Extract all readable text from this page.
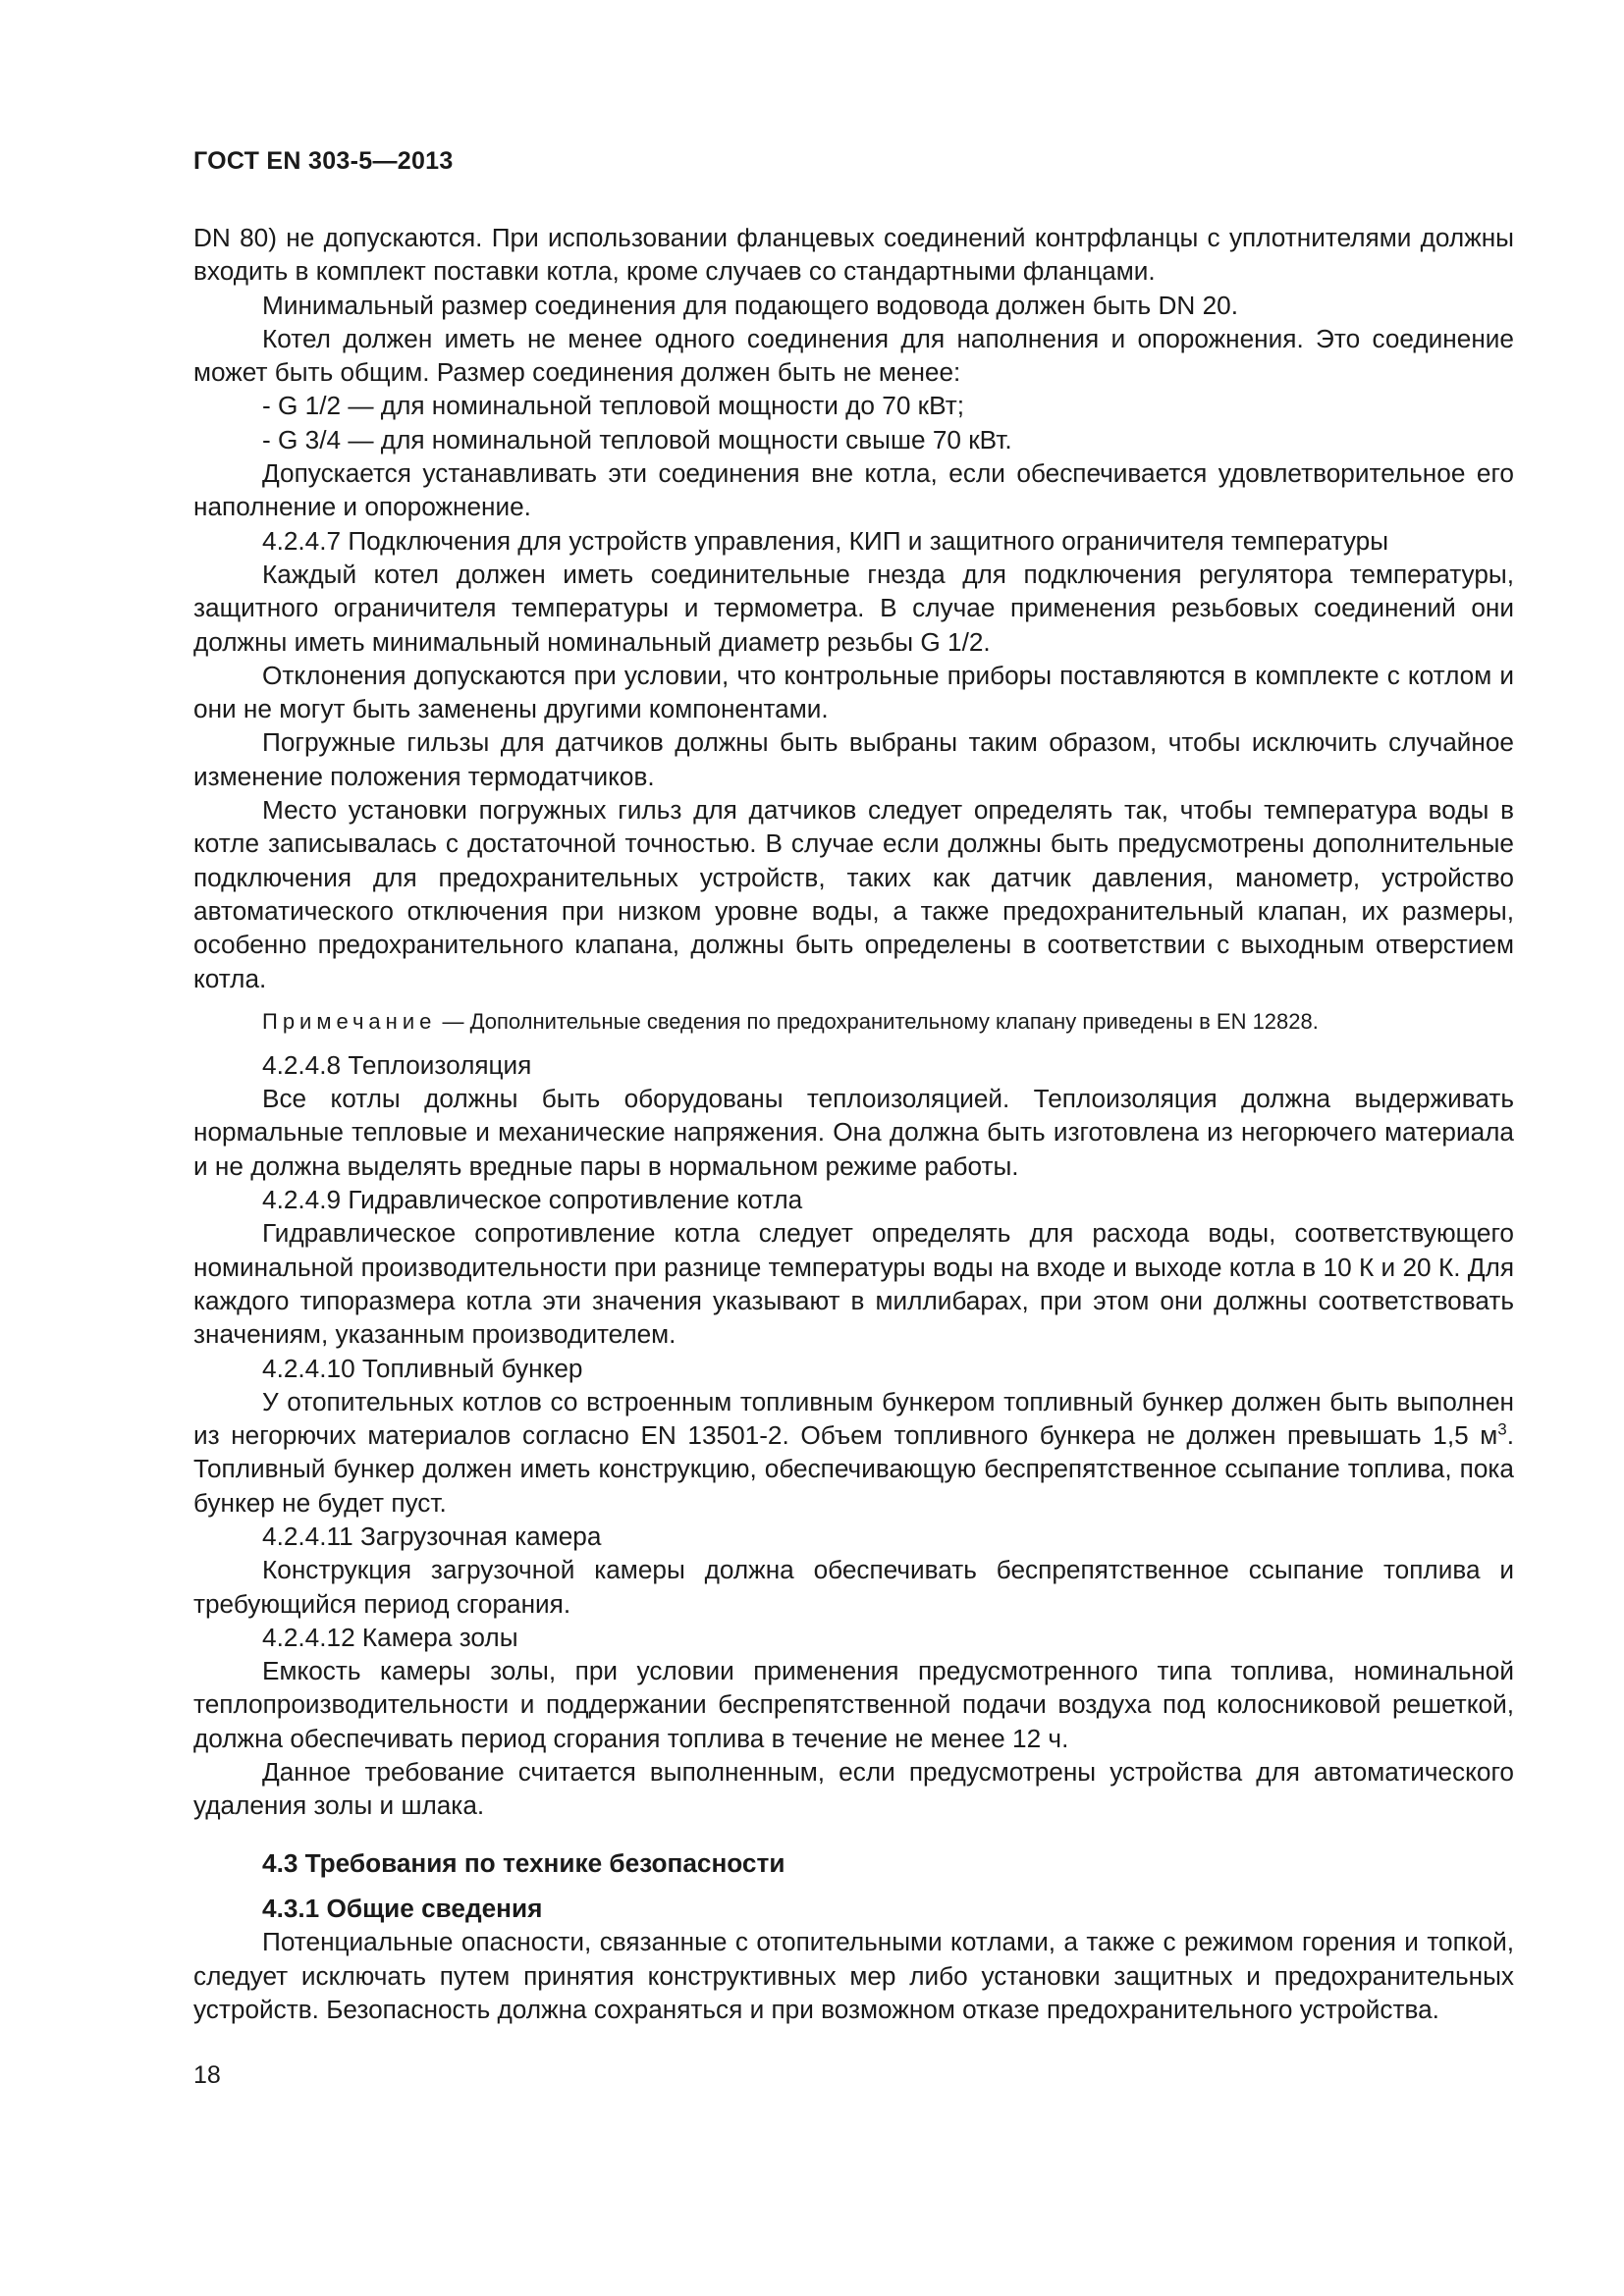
ГОСТ EN 303-5—2013

DN 80) не допускаются. При использовании фланцевых соединений контрфланцы с уплотнителями должны входить в комплект поставки котла, кроме случаев со стандартными фланцами.

Минимальный размер соединения для подающего водовода должен быть DN 20.

Котел должен иметь не менее одного соединения для наполнения и опорожнения. Это соединение может быть общим. Размер соединения должен быть не менее:

- G 1/2 — для номинальной тепловой мощности до 70 кВт;

- G 3/4 — для номинальной тепловой мощности свыше 70 кВт.

Допускается устанавливать эти соединения вне котла, если обеспечивается удовлетворительное его наполнение и опорожнение.

4.2.4.7 Подключения для устройств управления, КИП и защитного ограничителя температуры

Каждый котел должен иметь соединительные гнезда для подключения регулятора температуры, защитного ограничителя температуры и термометра. В случае применения резьбовых соединений они должны иметь минимальный номинальный диаметр резьбы G 1/2.

Отклонения допускаются при условии, что контрольные приборы поставляются в комплекте с котлом и они не могут быть заменены другими компонентами.

Погружные гильзы для датчиков должны быть выбраны таким образом, чтобы исключить случайное изменение положения термодатчиков.

Место установки погружных гильз для датчиков следует определять так, чтобы температура воды в котле записывалась с достаточной точностью. В случае если должны быть предусмотрены дополнительные подключения для предохранительных устройств, таких как датчик давления, манометр, устройство автоматического отключения при низком уровне воды, а также предохранительный клапан, их размеры, особенно предохранительного клапана, должны быть определены в соответствии с выходным отверстием котла.

Примечание — Дополнительные сведения по предохранительному клапану приведены в EN 12828.

4.2.4.8 Теплоизоляция

Все котлы должны быть оборудованы теплоизоляцией. Теплоизоляция должна выдерживать нормальные тепловые и механические напряжения. Она должна быть изготовлена из негорючего материала и не должна выделять вредные пары в нормальном режиме работы.

4.2.4.9 Гидравлическое сопротивление котла

Гидравлическое сопротивление котла следует определять для расхода воды, соответствующего номинальной производительности при разнице температуры воды на входе и выходе котла в 10 К и 20 К. Для каждого типоразмера котла эти значения указывают в миллибарах, при этом они должны соответствовать значениям, указанным производителем.

4.2.4.10 Топливный бункер

У отопительных котлов со встроенным топливным бункером топливный бункер должен быть выполнен из негорючих материалов согласно EN 13501-2. Объем топливного бункера не должен превышать 1,5 $м^3$. Топливный бункер должен иметь конструкцию, обеспечивающую беспрепятственное ссыпание топлива, пока бункер не будет пуст.

4.2.4.11 Загрузочная камера

Конструкция загрузочной камеры должна обеспечивать беспрепятственное ссыпание топлива и требующийся период сгорания.

4.2.4.12 Камера золы

Емкость камеры золы, при условии применения предусмотренного типа топлива, номинальной теплопроизводительности и поддержании беспрепятственной подачи воздуха под колосниковой решеткой, должна обеспечивать период сгорания топлива в течение не менее 12 ч.

Данное требование считается выполненным, если предусмотрены устройства для автоматического удаления золы и шлака.

4.3 Требования по технике безопасности

4.3.1 Общие сведения

Потенциальные опасности, связанные с отопительными котлами, а также с режимом горения и топкой, следует исключать путем принятия конструктивных мер либо установки защитных и предохранительных устройств. Безопасность должна сохраняться и при возможном отказе предохранительного устройства.

18
